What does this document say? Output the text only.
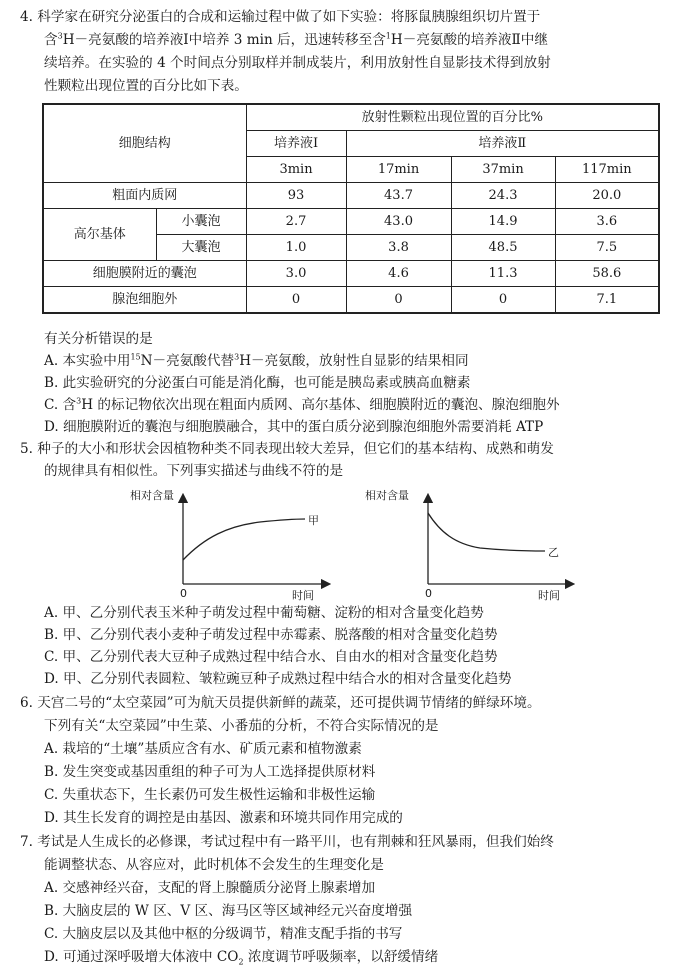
4. 科学家在研究分泌蛋白的合成和运输过程中做了如下实验：将豚鼠胰腺组织切片置于
含$^3$H－亮氨酸的培养液Ⅰ中培养 3 min 后，迅速转移至含$^1$H－亮氨酸的培养液Ⅱ中继
续培养。在实验的 4 个时间点分别取样并制成装片，利用放射性自显影技术得到放射
性颗粒出现位置的百分比如下表。
细胞结构		放射性颗粒出现位置的百分比%			
		培养液Ⅰ	培养液Ⅱ		
		3min	17min	37min	117min
粗面内质网		93	43.7	24.3	20.0
高尔基体	小囊泡	2.7	43.0	14.9	3.6
	大囊泡	1.0	3.8	48.5	7.5
细胞膜附近的囊泡		3.0	4.6	11.3	58.6
腺泡细胞外		0	0	0	7.1
有关分析错误的是
A. 本实验中用$^{15}$N－亮氨酸代替$^3$H－亮氨酸，放射性自显影的结果相同
B. 此实验研究的分泌蛋白可能是消化酶，也可能是胰岛素或胰高血糖素
C. 含$^3$H 的标记物依次出现在粗面内质网、高尔基体、细胞膜附近的囊泡、腺泡细胞外
D. 细胞膜附近的囊泡与细胞膜融合，其中的蛋白质分泌到腺泡细胞外需要消耗 ATP
5. 种子的大小和形状会因植物种类不同表现出较大差异，但它们的基本结构、成熟和萌发
的规律具有相似性。下列事实描述与曲线不符的是
相对含量
甲
0	时间
相对含量
乙
0	时间
A. 甲、乙分别代表玉米种子萌发过程中葡萄糖、淀粉的相对含量变化趋势
B. 甲、乙分别代表小麦种子萌发过程中赤霉素、脱落酸的相对含量变化趋势
C. 甲、乙分别代表大豆种子成熟过程中结合水、自由水的相对含量变化趋势
D. 甲、乙分别代表圆粒、皱粒豌豆种子成熟过程中结合水的相对含量变化趋势
6. 天宫二号的“太空菜园”可为航天员提供新鲜的蔬菜，还可提供调节情绪的鲜绿环境。
下列有关“太空菜园”中生菜、小番茄的分析，不符合实际情况的是
A. 栽培的“土壤”基质应含有水、矿质元素和植物激素
B. 发生突变或基因重组的种子可为人工选择提供原材料
C. 失重状态下，生长素仍可发生极性运输和非极性运输
D. 其生长发育的调控是由基因、激素和环境共同作用完成的
7. 考试是人生成长的必修课，考试过程中有一路平川，也有荆棘和狂风暴雨，但我们始终
能调整状态、从容应对，此时机体不会发生的生理变化是
A. 交感神经兴奋，支配的肾上腺髓质分泌肾上腺素增加
B. 大脑皮层的 W 区、V 区、海马区等区域神经元兴奋度增强
C. 大脑皮层以及其他中枢的分级调节，精准支配手指的书写
D. 可通过深呼吸增大体液中 $CO_2$ 浓度调节呼吸频率，以舒缓情绪
